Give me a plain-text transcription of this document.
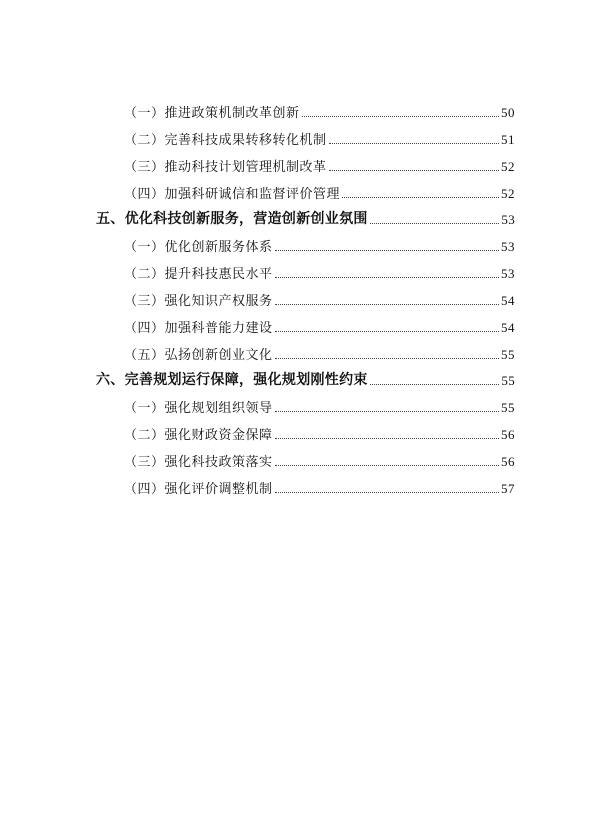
（一）推进政策机制改革创新	50
（二）完善科技成果转移转化机制	51
（三）推动科技计划管理机制改革	52
（四）加强科研诚信和监督评价管理	52
五、优化科技创新服务，营造创新创业氛围	53
（一）优化创新服务体系	53
（二）提升科技惠民水平	53
（三）强化知识产权服务	54
（四）加强科普能力建设	54
（五）弘扬创新创业文化	55
六、完善规划运行保障，强化规划刚性约束	55
（一）强化规划组织领导	55
（二）强化财政资金保障	56
（三）强化科技政策落实	56
（四）强化评价调整机制	57
